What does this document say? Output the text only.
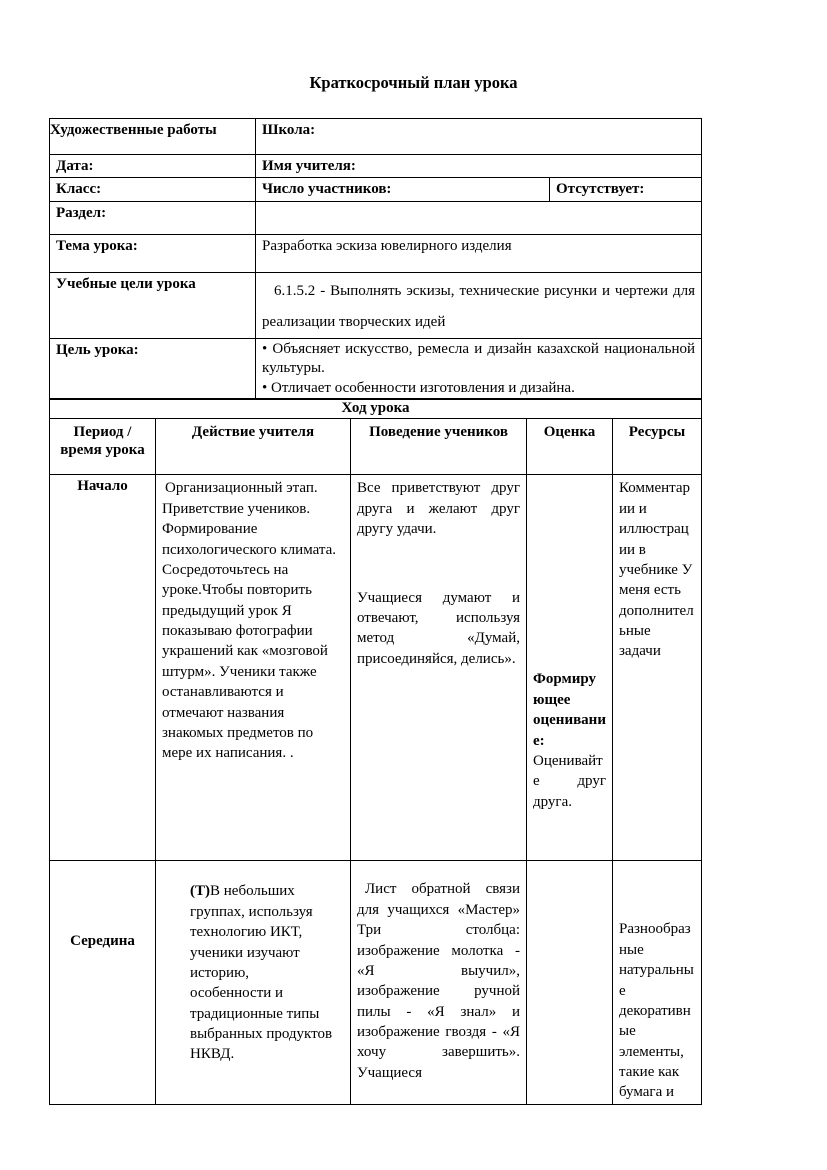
Краткосрочный план урока
Художественные работы	Школа:	
Дата:	Имя учителя:	
Класс:	Число участников:	Отсутствует:
Раздел:		
Тема урока:	Разработка эскиза ювелирного изделия	
Учебные цели урока	6.1.5.2 - Выполнять эскизы, технические рисунки и чертежи для реализации творческих идей	
Цель урока:	• Объясняет искусство, ремесла и дизайн казахской национальной культуры.

• Отличает особенности изготовления и дизайна.	

Ход урока				
Период / время урока	Действие учителя	Поведение учеников	Оценка	Ресурсы
Начало	Организационный этап. Приветствие учеников. Формирование психологического климата. Сосредоточьтесь на уроке.Чтобы повторить предыдущий урок Я показываю фотографии украшений как «мозговой штурм». Ученики также останавливаются и отмечают названия знакомых предметов по мере их написания. .	Все приветствуют друг друга и желают друг другу удачи.

Учащиеся думают и отвечают, используя метод «Думай, присоединяйся, делись».	Формирующее оценивание: Оценивайте друг друга.	Комментарии и иллюстрации в учебнике У меня есть дополнительные задачи
Середина	(Т)В небольших группах, используя технологию ИКТ, ученики изучают историю, особенности и традиционные типы выбранных продуктов НКВД.	Лист обратной связи для учащихся «Мастер» Три столбца: изображение молотка - «Я выучил», изображение ручной пилы - «Я знал» и изображение гвоздя - «Я хочу завершить». Учащиеся		Разнообразные натуральные декоративные элементы, такие как бумага и
